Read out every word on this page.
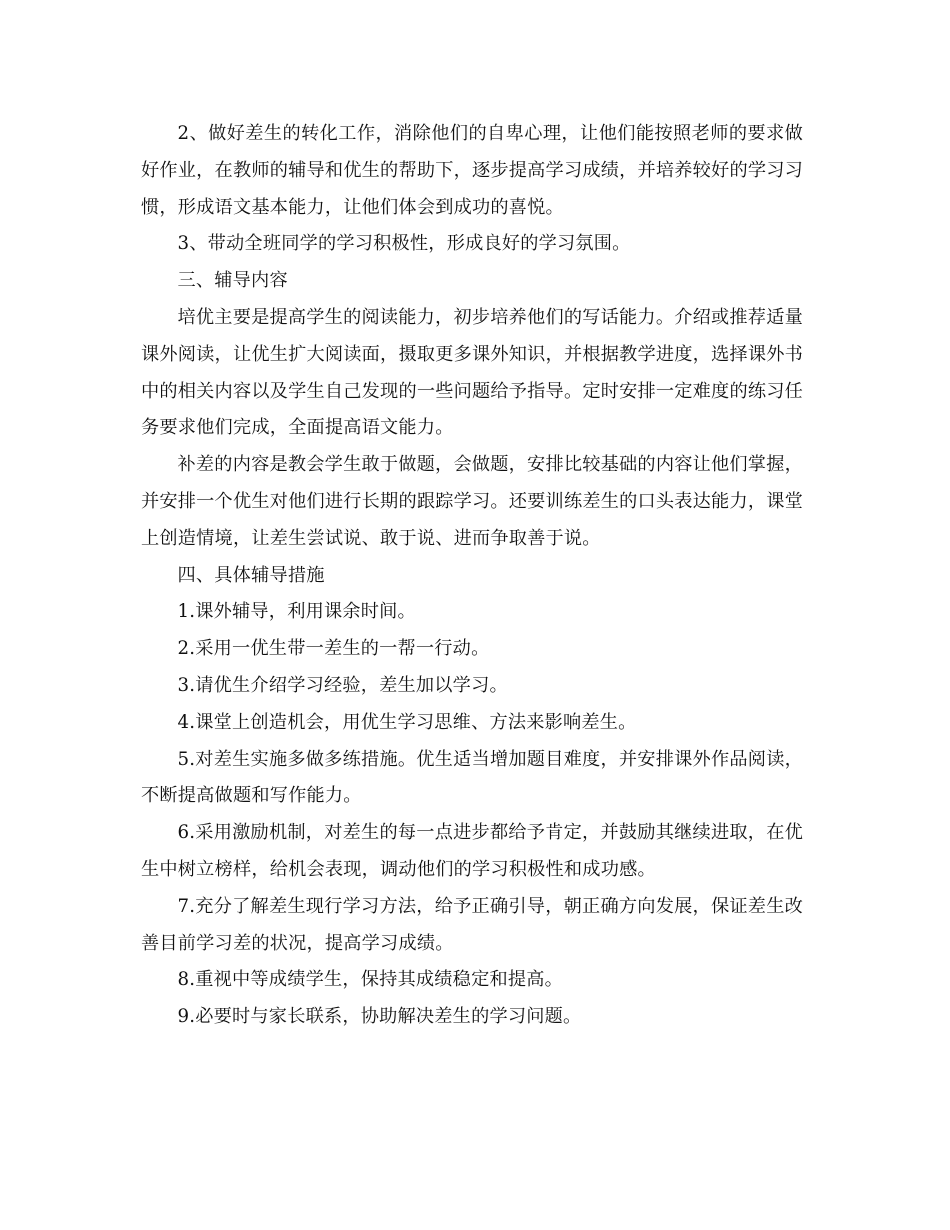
2、做好差生的转化工作，消除他们的自卑心理，让他们能按照老师的要求做好作业，在教师的辅导和优生的帮助下，逐步提高学习成绩，并培养较好的学习习惯，形成语文基本能力，让他们体会到成功的喜悦。

3、带动全班同学的学习积极性，形成良好的学习氛围。

三、辅导内容

培优主要是提高学生的阅读能力，初步培养他们的写话能力。介绍或推荐适量课外阅读，让优生扩大阅读面，摄取更多课外知识，并根据教学进度，选择课外书中的相关内容以及学生自己发现的一些问题给予指导。定时安排一定难度的练习任务要求他们完成，全面提高语文能力。

补差的内容是教会学生敢于做题，会做题，安排比较基础的内容让他们掌握，并安排一个优生对他们进行长期的跟踪学习。还要训练差生的口头表达能力，课堂上创造情境，让差生尝试说、敢于说、进而争取善于说。

四、具体辅导措施

1.课外辅导，利用课余时间。

2.采用一优生带一差生的一帮一行动。

3.请优生介绍学习经验，差生加以学习。

4.课堂上创造机会，用优生学习思维、方法来影响差生。

5.对差生实施多做多练措施。优生适当增加题目难度，并安排课外作品阅读，不断提高做题和写作能力。

6.采用激励机制，对差生的每一点进步都给予肯定，并鼓励其继续进取，在优生中树立榜样，给机会表现，调动他们的学习积极性和成功感。

7.充分了解差生现行学习方法，给予正确引导，朝正确方向发展，保证差生改善目前学习差的状况，提高学习成绩。

8.重视中等成绩学生，保持其成绩稳定和提高。

9.必要时与家长联系，协助解决差生的学习问题。
